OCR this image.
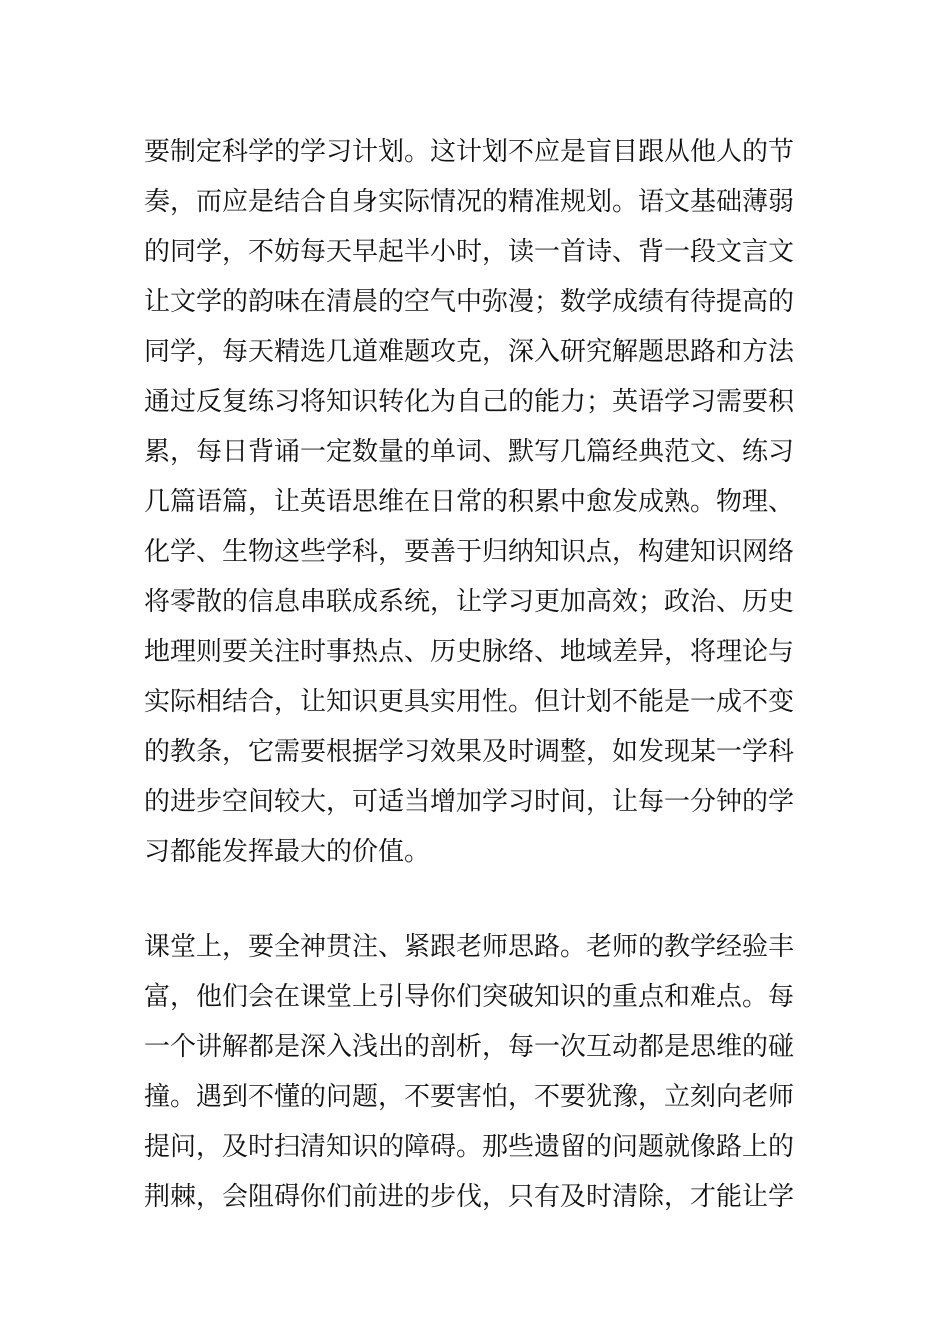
要制定科学的学习计划。这计划不应是盲目跟从他人的节
奏，而应是结合自身实际情况的精准规划。语文基础薄弱
的同学，不妨每天早起半小时，读一首诗、背一段文言文
让文学的韵味在清晨的空气中弥漫；数学成绩有待提高的
同学，每天精选几道难题攻克，深入研究解题思路和方法
通过反复练习将知识转化为自己的能力；英语学习需要积
累，每日背诵一定数量的单词、默写几篇经典范文、练习
几篇语篇，让英语思维在日常的积累中愈发成熟。物理、
化学、生物这些学科，要善于归纳知识点，构建知识网络
将零散的信息串联成系统，让学习更加高效；政治、历史
地理则要关注时事热点、历史脉络、地域差异，将理论与
实际相结合，让知识更具实用性。但计划不能是一成不变
的教条，它需要根据学习效果及时调整，如发现某一学科
的进步空间较大，可适当增加学习时间，让每一分钟的学
习都能发挥最大的价值。
课堂上，要全神贯注、紧跟老师思路。老师的教学经验丰
富，他们会在课堂上引导你们突破知识的重点和难点。每
一个讲解都是深入浅出的剖析，每一次互动都是思维的碰
撞。遇到不懂的问题，不要害怕，不要犹豫，立刻向老师
提问，及时扫清知识的障碍。那些遗留的问题就像路上的
荆棘，会阻碍你们前进的步伐，只有及时清除，才能让学
